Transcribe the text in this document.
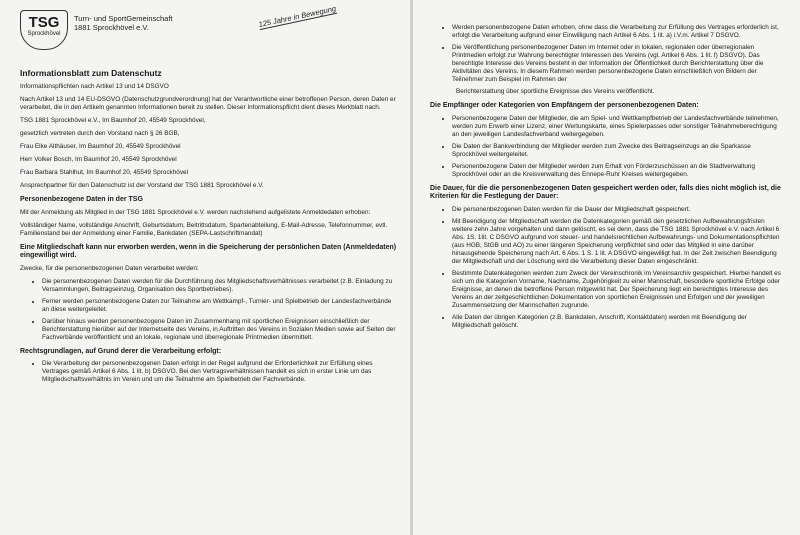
TSG
Sprockhövel
Turn- und SportGemeinschaft
1881 Sprockhövel e.V.	125 Jahre in Bewegung
Informationsblatt zum Datenschutz

Informationspflichten nach Artikel 13 und 14 DSGVO

Nach Artikel 13 und 14 EU-DSGVO (Datenschutzgrundverordnung) hat der Verantwortliche einer betroffenen Person, deren Daten er verarbeitet, die in den Artikeln genannten Informationen bereit zu stellen. Dieser Informationspflicht dient dieses Merkblatt nach.

TSG 1881 Sprockhövel e.V., Im Baumhof 20, 45549 Sprockhövel,

gesetzlich vertreten durch den Vorstand nach § 26 BGB,

Frau Elke Althäuser, Im Baumhof 20, 45549 Sprockhövel

Herr Volker Bosch, Im Baumhof 20, 45549 Sprockhövel

Frau Barbara Stahlhut, Im Baumhof 20, 45549 Sprockhövel

Ansprechpartner für den Datenschutz ist der Vorstand der TSG 1881 Sprockhövel e.V.

Personenbezogene Daten in der TSG

Mit der Anmeldung als Mitglied in der TSG 1881 Sprockhövel e.V. werden nachstehend aufgelistete Anmeldedaten erhoben:

Vollständiger Name, vollständige Anschrift, Geburtsdatum, Beitrittsdatum, Spartenabteilung, E-Mail-Adresse, Telefonnummer, evtl. Familienstand bei der Anmeldung einer Familie, Bankdaten (SEPA-Lastschriftmandat)

Eine Mitgliedschaft kann nur erworben werden, wenn in die Speicherung der persönlichen Daten (Anmeldedaten) eingewilligt wird.

Zwecke, für die personenbezogenen Daten verarbeitet werden:

• Die personenbezogenen Daten werden für die Durchführung des Mitgliedschaftsverhältnisses verarbeitet (z.B. Einladung zu Versammlungen, Beitragseinzug, Organisation des Sportbetriebes).
• Ferner werden personenbezogene Daten zur Teilnahme am Wettkampf-, Turnier- und Spielbetrieb der Landesfachverbände an diese weitergeleitet.
• Darüber hinaus werden personenbezogene Daten im Zusammenhang mit sportlichen Ereignissen einschließlich der Berichterstattung hierüber auf der Internetseite des Vereins, in Auftritten des Vereins in Sozialen Medien sowie auf Seiten der Fachverbände veröffentlicht und an lokale, regionale und überregionale Printmedien übermittelt.
Rechtsgrundlagen, auf Grund derer die Verarbeitung erfolgt:
• Die Verarbeitung der personenbezogenen Daten erfolgt in der Regel aufgrund der Erforderlichkeit zur Erfüllung eines Vertrages gemäß Artikel 6 Abs. 1 lit. b) DSGVO. Bei den Vertragsverhältnissen handelt es sich in erster Linie um das Mitgliedschaftsverhältnis im Verein und um die Teilnahme am Spielbetrieb der Fachverbände.
• Werden personenbezogene Daten erhoben, ohne dass die Verarbeitung zur Erfüllung des Vertrages erforderlich ist, erfolgt die Verarbeitung aufgrund einer Einwilligung nach Artikel 6 Abs. 1 lit. a) i.V.m. Artikel 7 DSGVO.
• Die Veröffentlichung personenbezogener Daten im Internet oder in lokalen, regionalen oder überregionalen Printmedien erfolgt zur Wahrung berechtigter Interessen des Vereins (vgl. Artikel 6 Abs. 1 lit. f) DSGVO). Das berechtigte Interesse des Vereins besteht in der Information der Öffentlichkeit durch Berichterstattung über die Aktivitäten des Vereins. In diesem Rahmen werden personenbezogene Daten einschließlich von Bildern der Teilnehmer zum Beispiel im Rahmen der

Berichterstattung über sportliche Ereignisse des Vereins veröffentlicht.

Die Empfänger oder Kategorien von Empfängern der personenbezogenen Daten:
• Personenbezogene Daten der Mitglieder, die am Spiel- und Wettkampfbetrieb der Landesfachverbände teilnehmen, werden zum Erwerb einer Lizenz, einer Wertungskarte, eines Spielerpasses oder sonstiger Teilnahmeberechtigung an den jeweiligen Landesfachverband weitergegeben.
• Die Daten der Bankverbindung der Mitglieder werden zum Zwecke des Beitragseinzugs an die Sparkasse Sprockhövel weitergeleitet.
• Personenbezogene Daten der Mitglieder werden zum Erhalt von Förderzuschüssen an die Stadtverwaltung Sprockhövel oder an die Kreisverwaltung des Ennepe-Ruhr Kreises weitergegeben.
Die Dauer, für die die personenbezogenen Daten gespeichert werden oder, falls dies nicht möglich ist, die Kriterien für die Festlegung der Dauer:
• Die personenbezogenen Daten werden für die Dauer der Mitgliedschaft gespeichert.
• Mit Beendigung der Mitgliedschaft werden die Datenkategorien gemäß den gesetzlichen Aufbewahrungsfristen weitere zehn Jahre vorgehalten und dann gelöscht, es sei denn, dass die TSG 1881 Sprockhövel e.V. nach Artikel 6 Abs. 1S. 1lit. C DSGVO aufgrund von steuer- und handelsrechtlichen Aufbewahrungs- und Dokumentationspflichten (aus HGB, StGB und AO) zu einer längeren Speicherung verpflichtet sind oder das Mitglied in eine darüber hinausgehende Speicherung nach Art. 6 Abs. 1 S. 1 lit. A DSGVO eingewilligt hat. In der Zeit zwischen Beendigung der Mitgliedschaft und der Löschung wird die Verarbeitung dieser Daten eingeschränkt.
• Bestimmte Datenkategorien werden zum Zweck der Vereinschronik im Vereinsarchiv gespeichert. Hierbei handelt es sich um die Kategorien Vorname, Nachname, Zugehörigkeit zu einer Mannschaft, besondere sportliche Erfolge oder Ereignisse, an denen die betroffene Person mitgewirkt hat. Der Speicherung liegt ein berechtigtes Interesse des Vereins an der zeitgeschichtlichen Dokumentation von sportlichen Ereignissen und Erfolgen und der jeweiligen Zusammensetzung der Mannschaften zugrunde.
• Alle Daten der übrigen Kategorien (z.B. Bankdaten, Anschrift, Kontaktdaten) werden mit Beendigung der Mitgliedschaft gelöscht.
